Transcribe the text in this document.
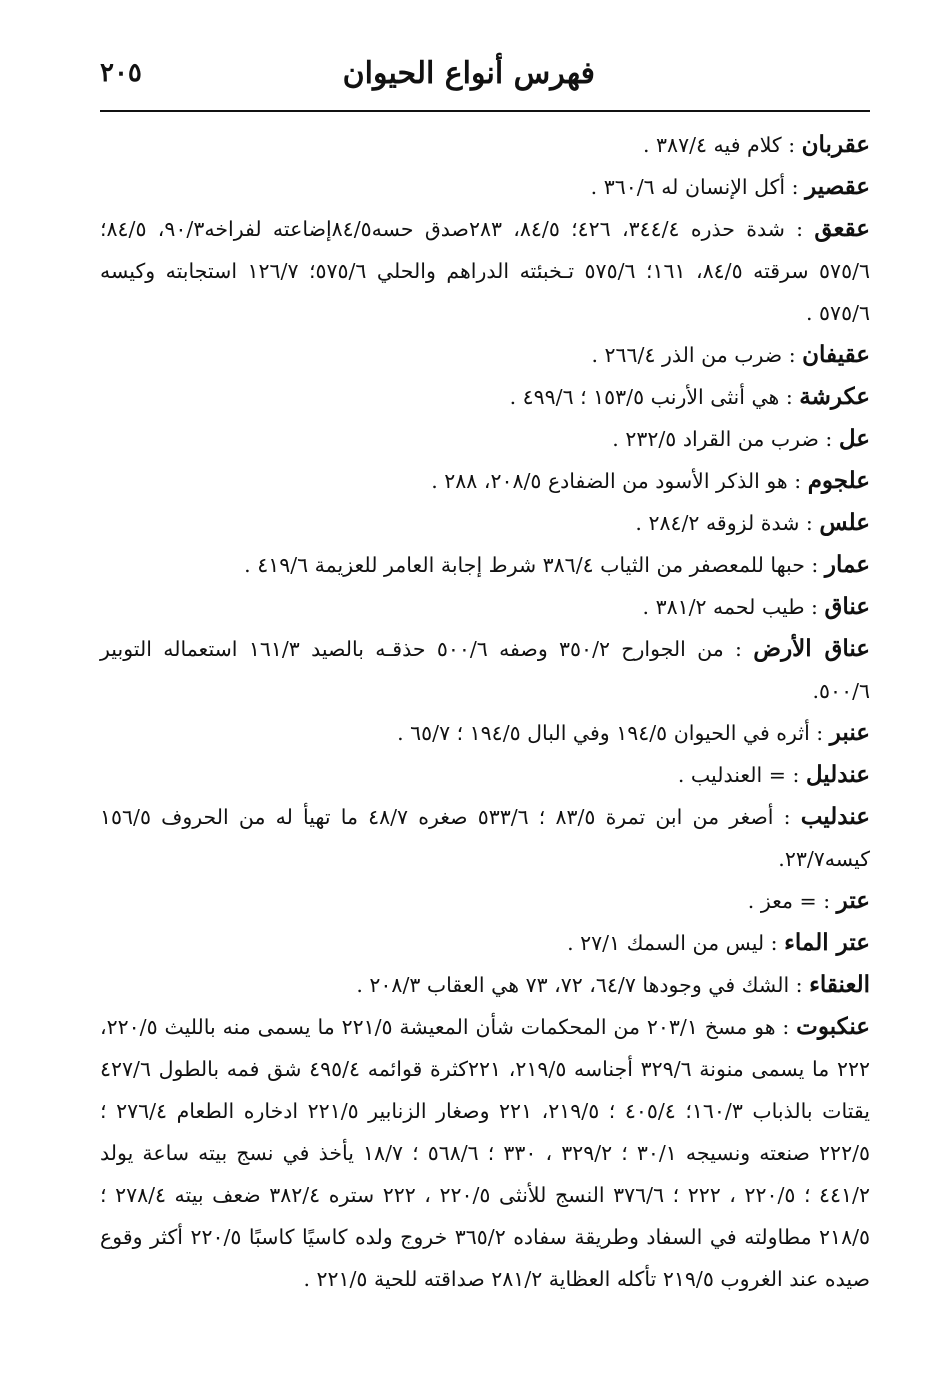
فهرس أنواع الحيوان
٢٠٥

عقربان : كلام فيه ٣٨٧/٤ .

عقصير : أكل الإنسان له ٣٦٠/٦ .

عقعق : شدة حذره ٣٤٤/٤، ٤٢٦؛ ٨٤/٥، ٢٨٣صدق حسه٨٤/٥إضاعته لفراخه٩٠/٣، ٨٤/٥؛ ٥٧٥/٦ سرقته ٨٤/٥، ١٦١؛ ٥٧٥/٦ تـخبئته الدراهم والحلي ٥٧٥/٦؛ ١٢٦/٧ استجابته وكيسه ٥٧٥/٦ .

عقيفان : ضرب من الذر ٢٦٦/٤ .

عكرشة : هي أنثى الأرنب ١٥٣/٥ ؛ ٤٩٩/٦ .

عل : ضرب من القراد ٢٣٢/٥ .

علجوم : هو الذكر الأسود من الضفادع ٢٠٨/٥، ٢٨٨ .

علس : شدة لزوقه ٢٨٤/٢ .

عمار : حبها للمعصفر من الثياب ٣٨٦/٤ شرط إجابة العامر للعزيمة ٤١٩/٦ .

عناق : طيب لحمه ٣٨١/٢ .

عناق الأرض : من الجوارح ٣٥٠/٢ وصفه ٥٠٠/٦ حذقـه بالصيد ١٦١/٣ استعماله التوبير ٥٠٠/٦.

عنبر : أثره في الحيوان ١٩٤/٥ وفي البال ١٩٤/٥ ؛ ٦٥/٧ .

عندليل : = العندليب .

عندليب : أصغر من ابن تمرة ٨٣/٥ ؛ ٥٣٣/٦ صغره ٤٨/٧ ما تهيأ له من الحروف ١٥٦/٥ كيسه٢٣/٧.

عتر : = معز .

عتر الماء : ليس من السمك ٢٧/١ .

العنقاء : الشك في وجودها ٦٤/٧، ٧٢، ٧٣ هي العقاب ٢٠٨/٣ .

عنكبوت : هو مسخ ٢٠٣/١ من المحكمات شأن المعيشة ٢٢١/٥ ما يسمى منه بالليث ٢٢٠/٥، ٢٢٢ ما يسمى منونة ٣٢٩/٦ أجناسه ٢١٩/٥، ٢٢١كثرة قوائمه ٤٩٥/٤ شق فمه بالطول ٤٢٧/٦ يقتات بالذباب ١٦٠/٣؛ ٤٠٥/٤ ؛ ٢١٩/٥، ٢٢١ وصغار الزنابير ٢٢١/٥ ادخاره الطعام ٢٧٦/٤ ؛ ٢٢٢/٥ صنعته ونسيجه ٣٠/١ ؛ ٣٢٩/٢ ، ٣٣٠ ؛ ٥٦٨/٦ ؛ ١٨/٧ يأخذ في نسج بيته ساعة يولد ٤٤١/٢ ؛ ٢٢٠/٥ ، ٢٢٢ ؛ ٣٧٦/٦ النسج للأنثى ٢٢٠/٥ ، ٢٢٢ ستره ٣٨٢/٤ ضعف بيته ٢٧٨/٤ ؛ ٢١٨/٥ مطاولته في السفاد وطريقة سفاده ٣٦٥/٢ خروج ولده كاسيًا كاسبًا ٢٢٠/٥ أكثر وقوع صيده عند الغروب ٢١٩/٥ تأكله العظاية ٢٨١/٢ صداقته للحية ٢٢١/٥ .
